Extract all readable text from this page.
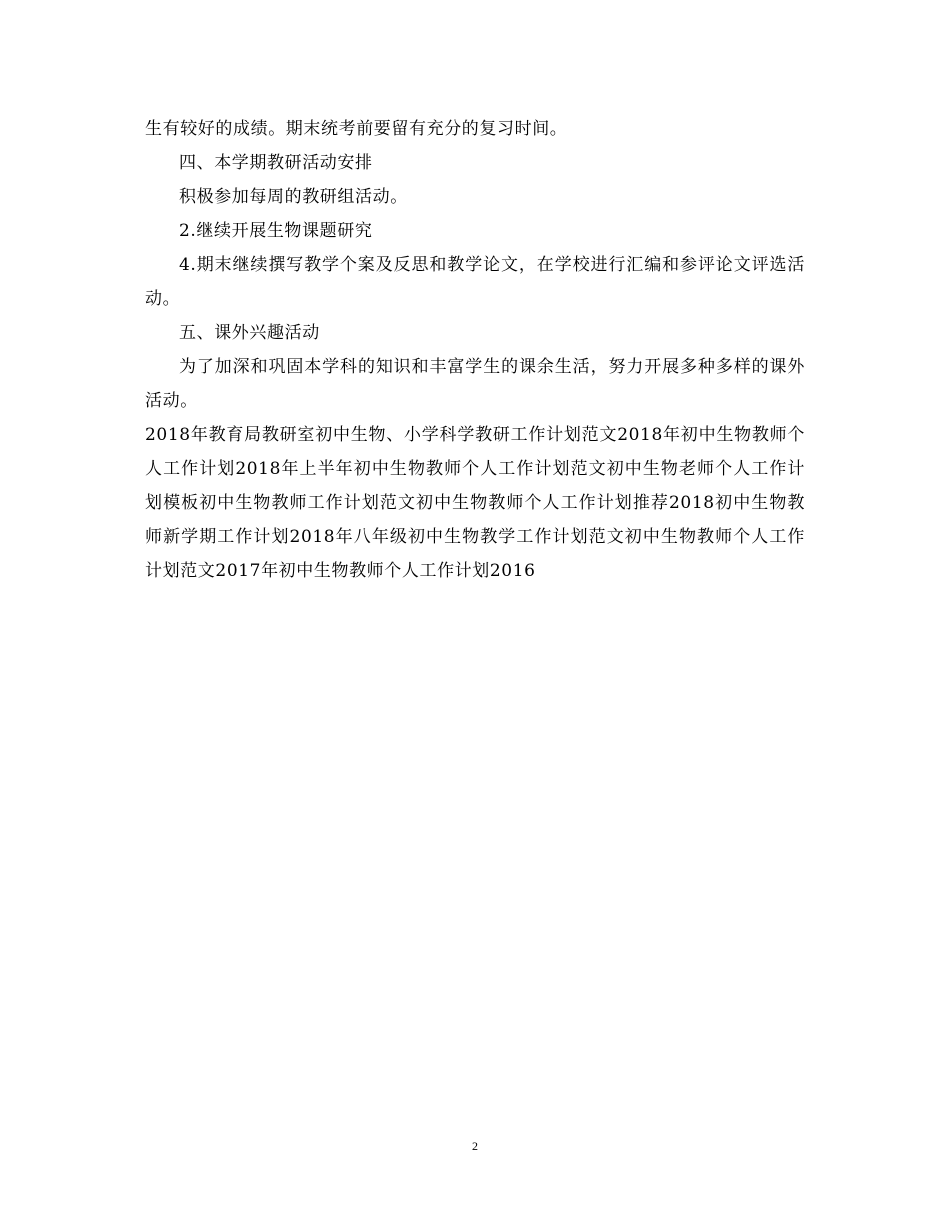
生有较好的成绩。期末统考前要留有充分的复习时间。

四、本学期教研活动安排

积极参加每周的教研组活动。

2.继续开展生物课题研究

4.期末继续撰写教学个案及反思和教学论文，在学校进行汇编和参评论文评选活动。

五、课外兴趣活动

为了加深和巩固本学科的知识和丰富学生的课余生活，努力开展多种多样的课外活动。

2018年教育局教研室初中生物、小学科学教研工作计划范文2018年初中生物教师个人工作计划2018年上半年初中生物教师个人工作计划范文初中生物老师个人工作计划模板初中生物教师工作计划范文初中生物教师个人工作计划推荐2018初中生物教师新学期工作计划2018年八年级初中生物教学工作计划范文初中生物教师个人工作计划范文2017年初中生物教师个人工作计划2016

2
